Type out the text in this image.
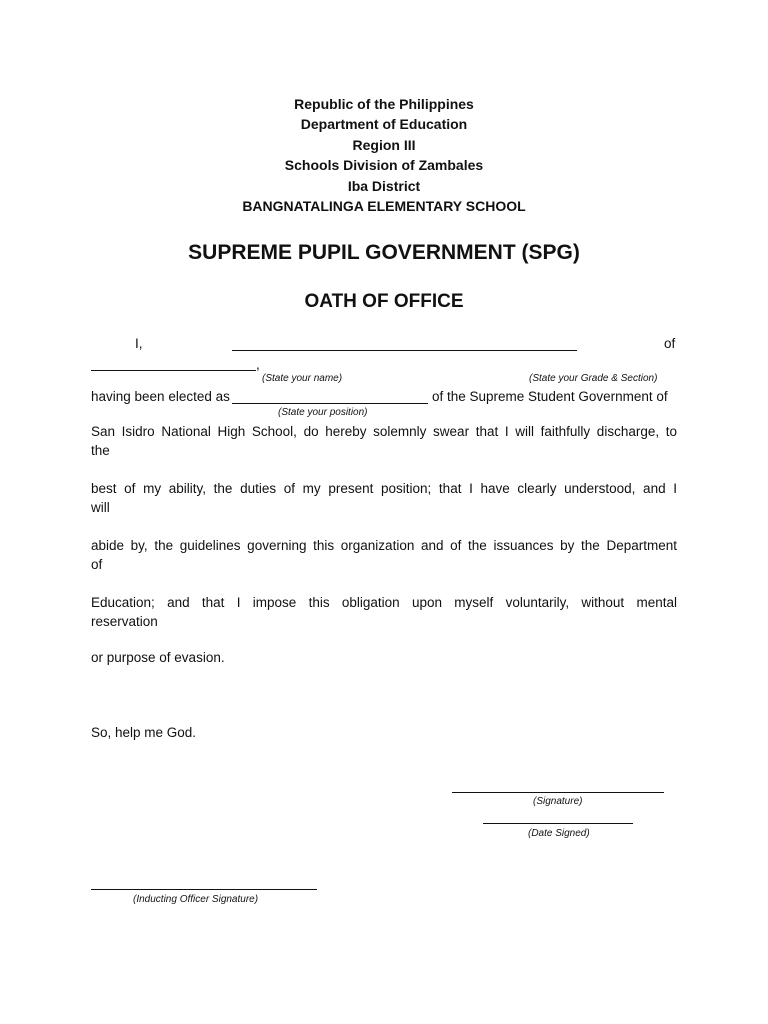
Republic of the Philippines
Department of Education
Region III
Schools Division of Zambales
Iba District
BANGNATALINGA ELEMENTARY SCHOOL
SUPREME PUPIL GOVERNMENT (SPG)
OATH OF OFFICE
I,	of
,
(State your name)	(State your Grade & Section)
having been elected as	of the Supreme Student Government of
(State your position)
San Isidro National High School, do hereby solemnly swear that I will faithfully discharge, to
the
best of my ability, the duties of my present position; that I have clearly understood, and I
will
abide by, the guidelines governing this organization and of the issuances by the Department
of
Education; and that I impose this obligation upon myself voluntarily, without mental
reservation
or purpose of evasion.
So, help me God.
(Signature)
(Date Signed)
(Inducting Officer Signature)
